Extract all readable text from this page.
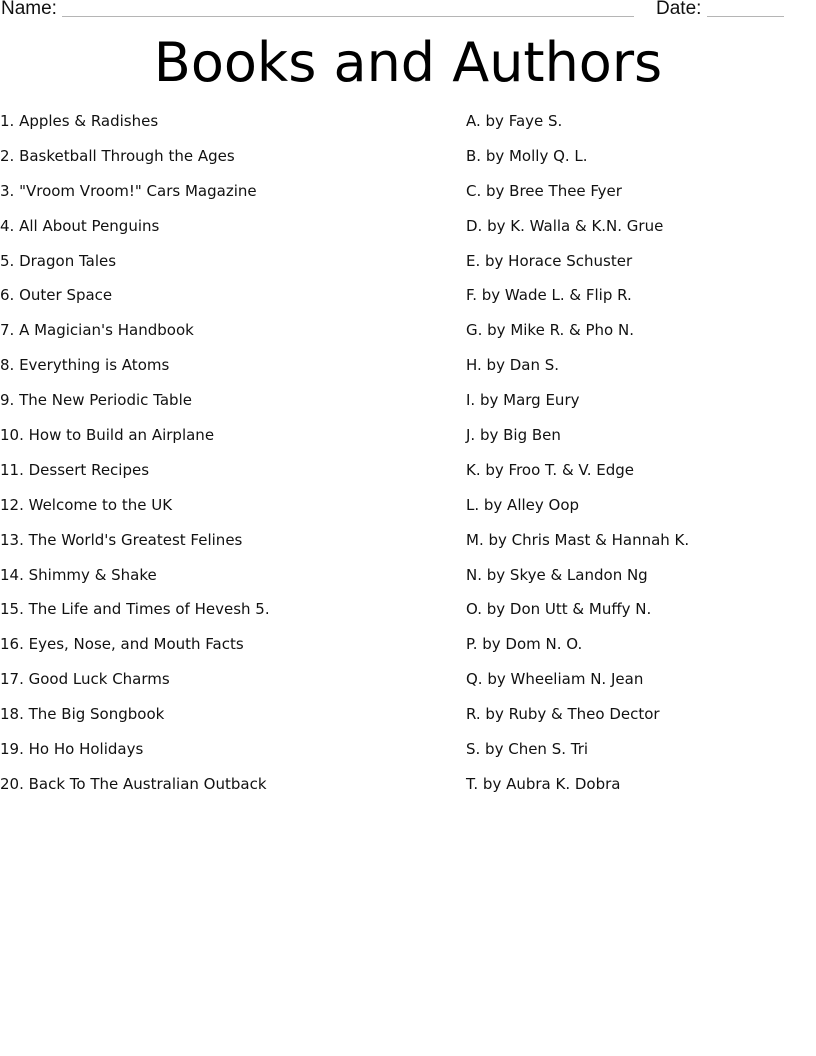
Name:	Date:
Books and Authors
1. Apples & Radishes
2. Basketball Through the Ages
3. "Vroom Vroom!" Cars Magazine
4. All About Penguins
5. Dragon Tales
6. Outer Space
7. A Magician's Handbook
8. Everything is Atoms
9. The New Periodic Table
10. How to Build an Airplane
11. Dessert Recipes
12. Welcome to the UK
13. The World's Greatest Felines
14. Shimmy & Shake
15. The Life and Times of Hevesh 5.
16. Eyes, Nose, and Mouth Facts
17. Good Luck Charms
18. The Big Songbook
19. Ho Ho Holidays
20. Back To The Australian Outback
A. by Faye S.
B. by Molly Q. L.
C. by Bree Thee Fyer
D. by K. Walla & K.N. Grue
E. by Horace Schuster
F. by Wade L. & Flip R.
G. by Mike R. & Pho N.
H. by Dan S.
I. by Marg Eury
J. by Big Ben
K. by Froo T. & V. Edge
L. by Alley Oop
M. by Chris Mast & Hannah K.
N. by Skye & Landon Ng
O. by Don Utt & Muffy N.
P. by Dom N. O.
Q. by Wheeliam N. Jean
R. by Ruby & Theo Dector
S. by Chen S. Tri
T. by Aubra K. Dobra
